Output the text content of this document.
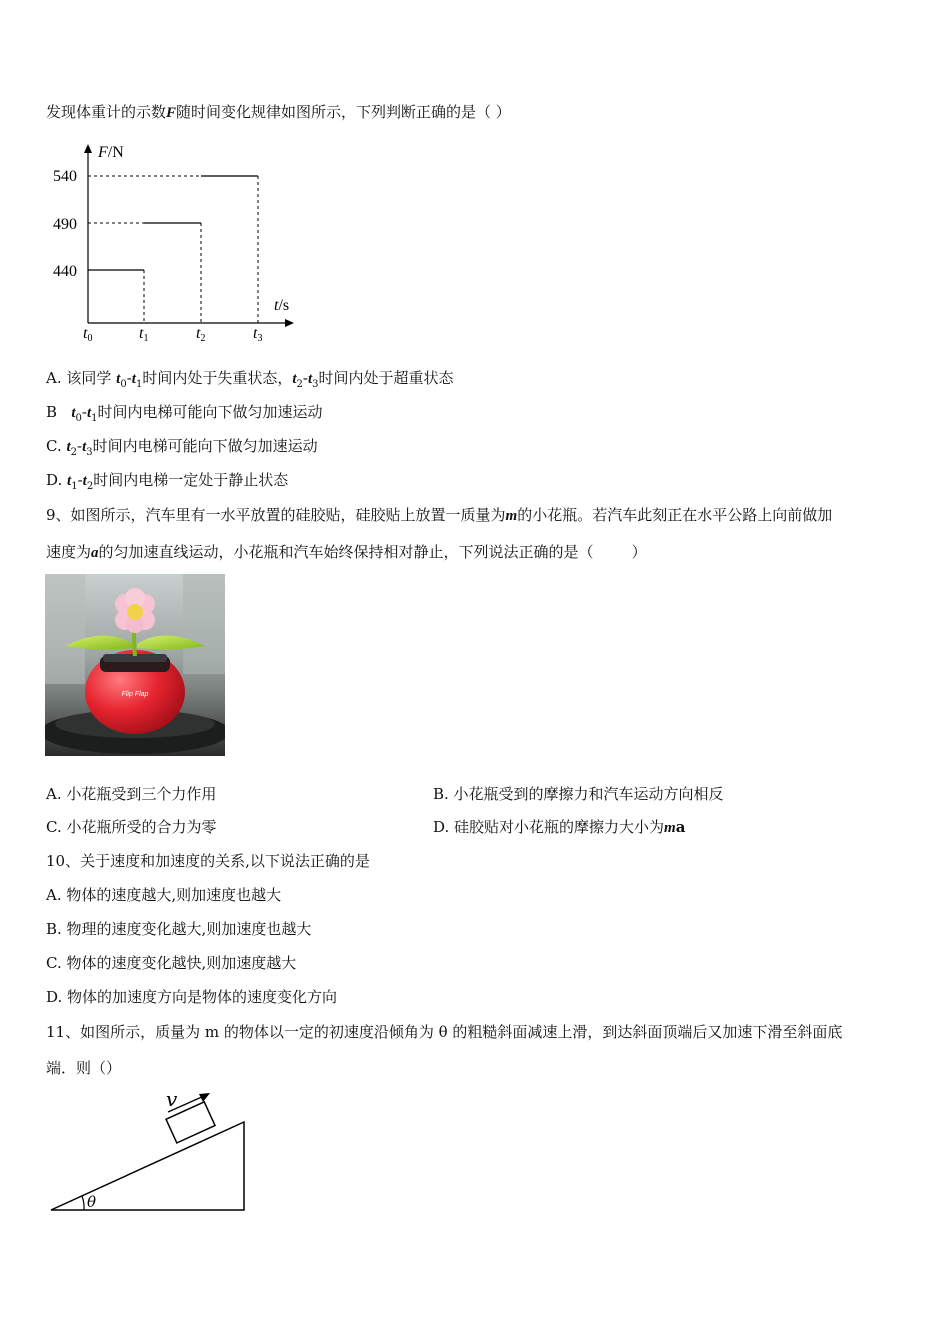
发现体重计的示数F随时间变化规律如图所示，下列判断正确的是（ ）
F/N
t/s
540
490
440
t0	t1	t2	t3
A. 该同学 $t_0-t_1$时间内处于失重状态，$t_2-t_3$时间内处于超重状态
B   $t_0-t_1$时间内电梯可能向下做匀加速运动
C. $t_2-t_3$时间内电梯可能向下做匀加速运动
D. $t_1-t_2$时间内电梯一定处于静止状态
9、如图所示，汽车里有一水平放置的硅胶贴，硅胶贴上放置一质量为m的小花瓶。若汽车此刻正在水平公路上向前做加
速度为a的匀加速直线运动，小花瓶和汽车始终保持相对静止，下列说法正确的是（        ）
Flip Flap
A. 小花瓶受到三个力作用	B. 小花瓶受到的摩擦力和汽车运动方向相反
C. 小花瓶所受的合力为零	D. 硅胶贴对小花瓶的摩擦力大小为ma
10、关于速度和加速度的关系,以下说法正确的是
A. 物体的速度越大,则加速度也越大
B. 物理的速度变化越大,则加速度也越大
C. 物体的速度变化越快,则加速度越大
D. 物体的加速度方向是物体的速度变化方向
11、如图所示，质量为 m 的物体以一定的初速度沿倾角为 θ 的粗糙斜面减速上滑，到达斜面顶端后又加速下滑至斜面底
端．则（）
v
θ
